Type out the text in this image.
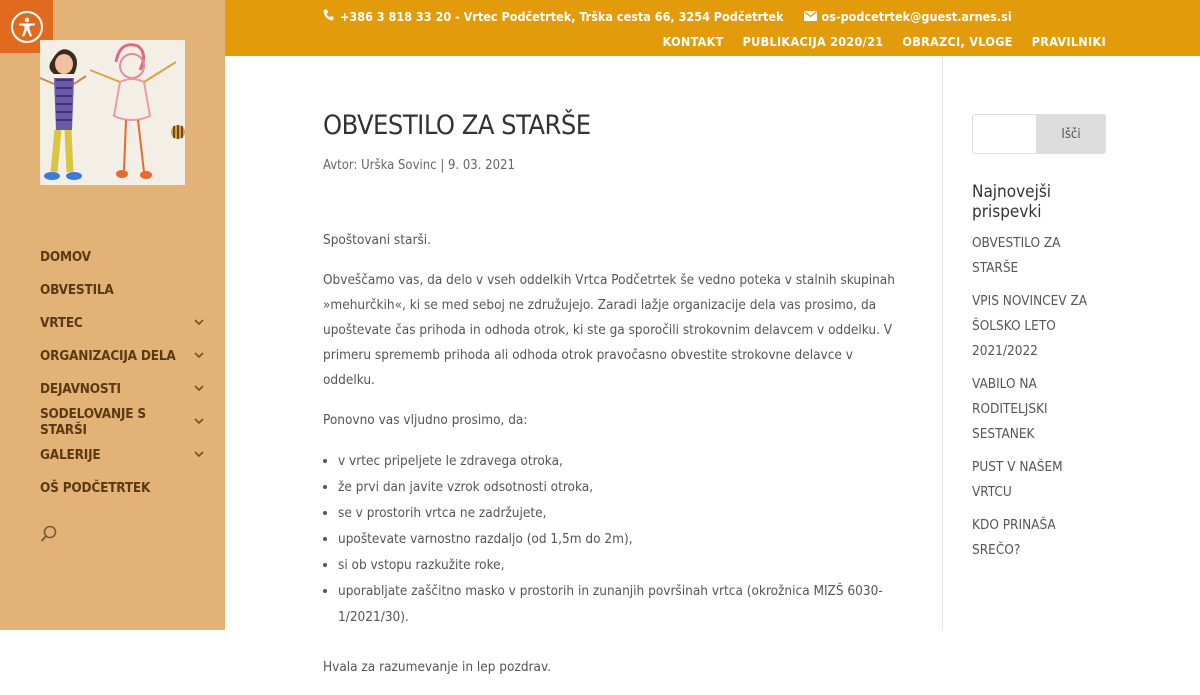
DOMOV
OBVESTILA
VRTEC
ORGANIZACIJA DELA
DEJAVNOSTI
SODELOVANJE S STARŠI
GALERIJE
OŠ PODČETRTEK
+386 3 818 33 20 - Vrtec Podčetrtek, Trška cesta 66, 3254 Podčetrtek	os-podcetrtek@guest.arnes.si
KONTAKT PUBLIKACIJA 2020/21 OBRAZCI, VLOGE PRAVILNIKI
OBVESTILO ZA STARŠE
Avtor: Urška Sovinc | 9. 03. 2021

Spoštovani starši.

Obveščamo vas, da delo v vseh oddelkih Vrtca Podčetrtek še vedno poteka v stalnih skupinah »mehurčkih«, ki se med seboj ne združujejo. Zaradi lažje organizacije dela vas prosimo, da upoštevate čas prihoda in odhoda otrok, ki ste ga sporočili strokovnim delavcem v oddelku. V primeru sprememb prihoda ali odhoda otrok pravočasno obvestite strokovne delavce v oddelku.

Ponovno vas vljudno prosimo, da:

• v vrtec pripeljete le zdravega otroka,
• že prvi dan javite vzrok odsotnosti otroka,
• se v prostorih vrtca ne zadržujete,
• upoštevate varnostno razdaljo (od 1,5m do 2m),
• si ob vstopu razkužite roke,
• uporabljate zaščitno masko v prostorih in zunanjih površinah vrtca (okrožnica MIZŠ 6030-1/2021/30).

Hvala za razumevanje in lep pozdrav.

Išči
Najnovejši prispevki
OBVESTILO ZA STARŠE
VPIS NOVINCEV ZA ŠOLSKO LETO 2021/2022
VABILO NA RODITELJSKI SESTANEK
PUST V NAŠEM VRTCU
KDO PRINAŠA SREČO?
